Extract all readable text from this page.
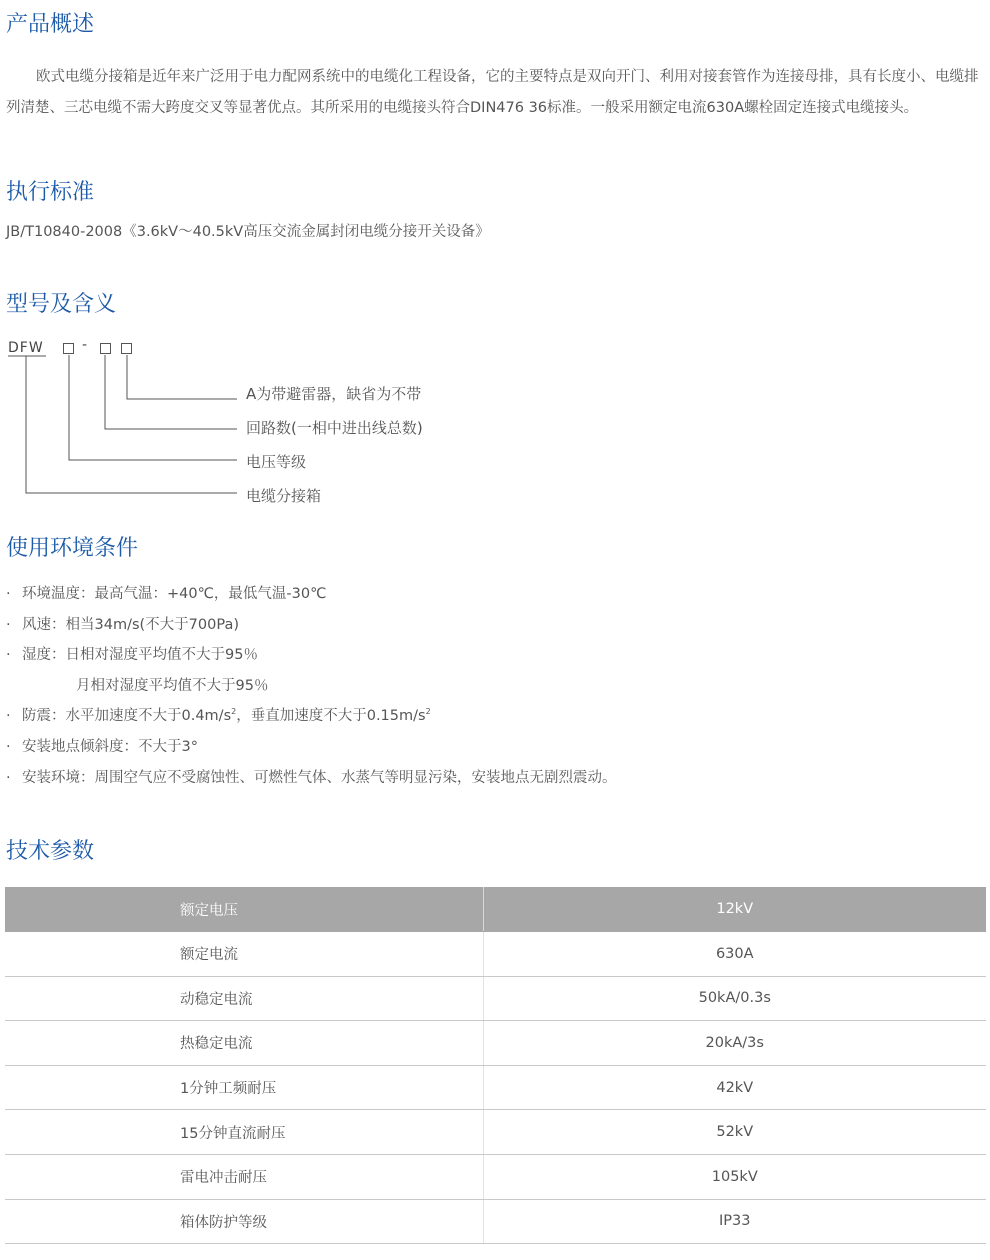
产品概述

欧式电缆分接箱是近年来广泛用于电力配网系统中的电缆化工程设备，它的主要特点是双向开门、利用对接套管作为连接母排，具有长度小、电缆排列清楚、三芯电缆不需大跨度交叉等显著优点。其所采用的电缆接头符合DIN476 36标准。一般采用额定电流630A螺栓固定连接式电缆接头。

执行标准
JB/T10840-2008《3.6kV～40.5kV高压交流金属封闭电缆分接开关设备》
型号及含义
DFW	-
A为带避雷器，缺省为不带
回路数(一相中进出线总数)
电压等级
电缆分接箱
使用环境条件
· 环境温度：最高气温：+40℃，最低气温-30℃
· 风速：相当34m/s(不大于700Pa)
· 湿度：日相对湿度平均值不大于95％
月相对湿度平均值不大于95％
· 防震：水平加速度不大于$0.4m/s^2$，垂直加速度不大于$0.15m/s^2$
· 安装地点倾斜度：不大于3°
· 安装环境：周围空气应不受腐蚀性、可燃性气体、水蒸气等明显污染，安装地点无剧烈震动。
技术参数
额定电压	12kV
额定电流	630A
动稳定电流	50kA/0.3s
热稳定电流	20kA/3s
1分钟工频耐压	42kV
15分钟直流耐压	52kV
雷电冲击耐压	105kV
箱体防护等级	IP33
